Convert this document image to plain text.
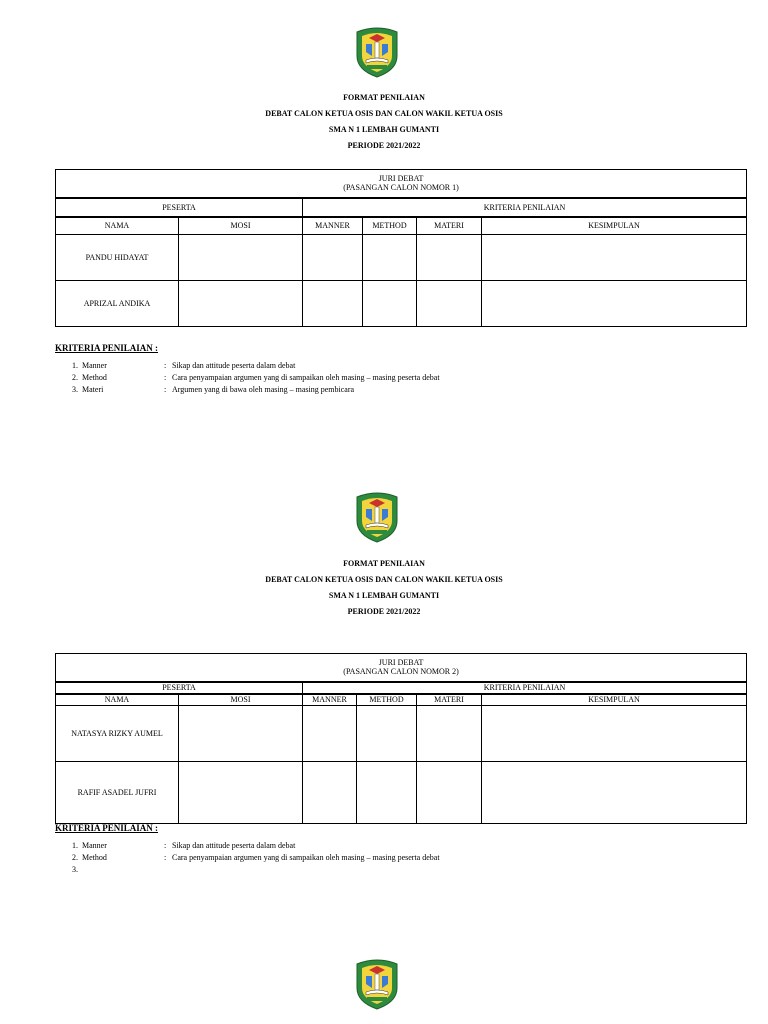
FORMAT PENILAIAN
DEBAT CALON KETUA OSIS DAN CALON WAKIL KETUA OSIS
SMA N 1 LEMBAH GUMANTI
PERIODE 2021/2022
JURI DEBAT
(PASANGAN CALON NOMOR 1)					

PESERTA		KRITERIA PENILAIAN			
NAMA	MOSI	MANNER	METHOD	MATERI	KESIMPULAN
PANDU HIDAYAT					
APRIZAL ANDIKA					
KRITERIA PENILAIAN :
1. Manner	: Sikap dan attitude peserta dalam debat
2. Method	: Cara penyampaian argumen yang di sampaikan oleh masing – masing peserta debat
3. Materi	: Argumen yang di bawa oleh masing – masing pembicara
FORMAT PENILAIAN
DEBAT CALON KETUA OSIS DAN CALON WAKIL KETUA OSIS
SMA N 1 LEMBAH GUMANTI
PERIODE 2021/2022
JURI DEBAT
(PASANGAN CALON NOMOR 2)					

PESERTA		KRITERIA PENILAIAN			
NAMA	MOSI	MANNER	METHOD	MATERI	KESIMPULAN
NATASYA RIZKY AUMEL					
RAFIF ASADEL JUFRI					
KRITERIA PENILAIAN :
1. Manner	: Sikap dan attitude peserta dalam debat
2. Method	: Cara penyampaian argumen yang di sampaikan oleh masing – masing peserta debat
3.
